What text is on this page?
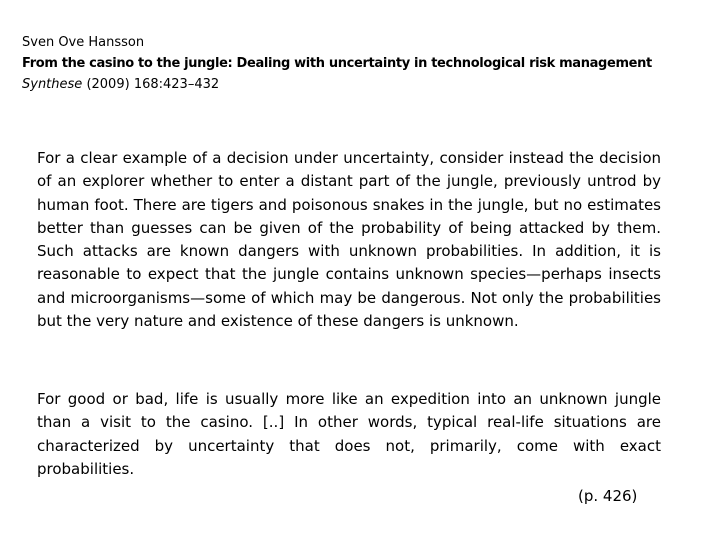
Sven Ove Hansson
From the casino to the jungle: Dealing with uncertainty in technological risk management
Synthese (2009) 168:423–432

For a clear example of a decision under uncertainty, consider instead the decision of an explorer whether to enter a distant part of the jungle, previously untrod by human foot. There are tigers and poisonous snakes in the jungle, but no estimates better than guesses can be given of the probability of being attacked by them. Such attacks are known dangers with unknown probabilities. In addition, it is reasonable to expect that the jungle contains unknown species—perhaps insects and microorganisms—some of which may be dangerous. Not only the probabilities but the very nature and existence of these dangers is unknown.

For good or bad, life is usually more like an expedition into an unknown jungle than a visit to the casino. [..] In other words, typical real-life situations are characterized by uncertainty that does not, primarily, come with exact probabilities.

(p. 426)
